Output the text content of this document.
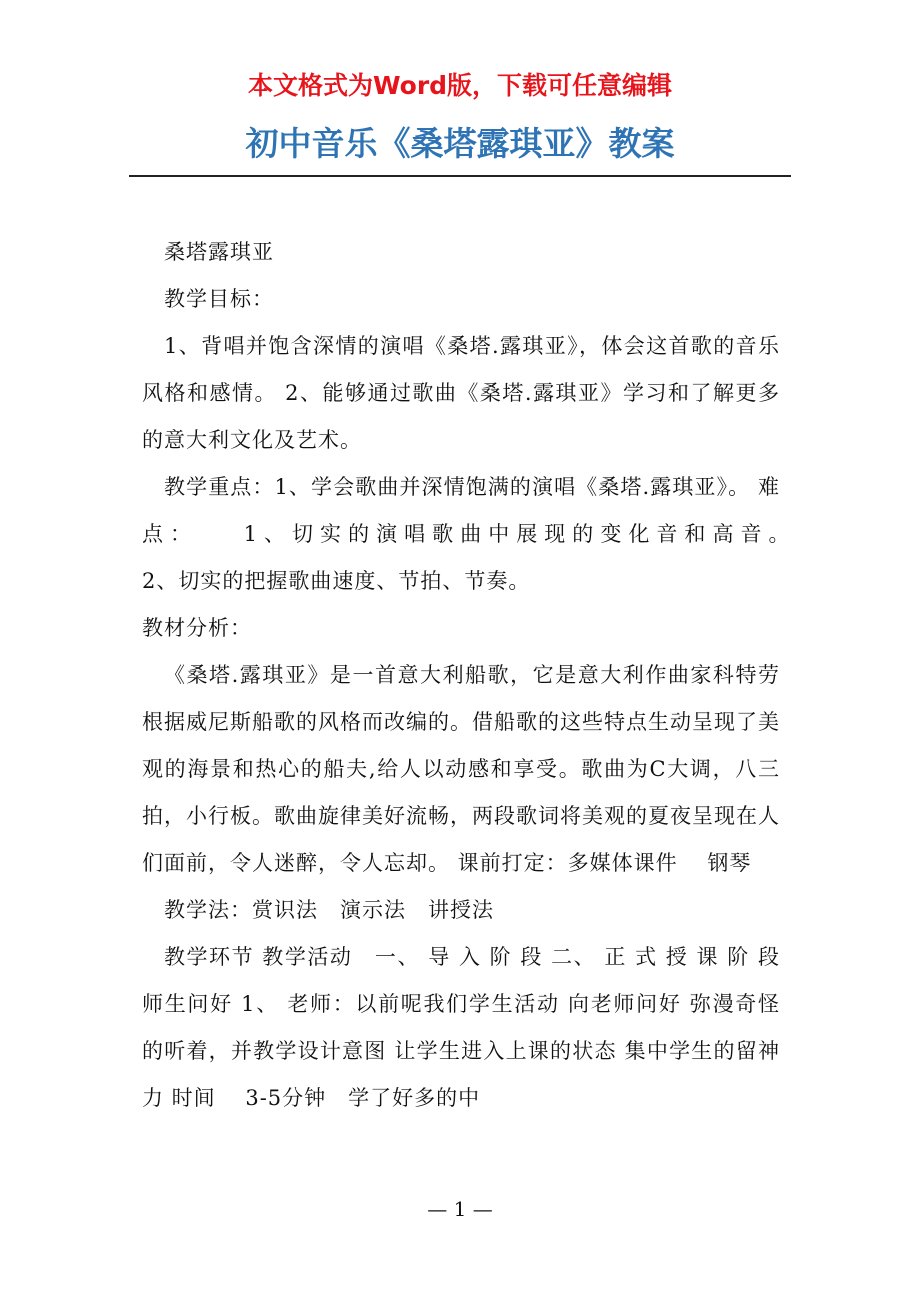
本文格式为Word版，下载可任意编辑
初中音乐《桑塔露琪亚》教案

桑塔露琪亚

教学目标：

1、背唱并饱含深情的演唱《桑塔.露琪亚》，体会这首歌的音乐风格和感情。 2、能够通过歌曲《桑塔.露琪亚》学习和了解更多的意大利文化及艺术。

教学重点：1、学会歌曲并深情饱满的演唱《桑塔.露琪亚》。 难点：　　1、切实的演唱歌曲中展现的变化音和高音。　　　　　　2、切实的把握歌曲速度、节拍、节奏。

教材分析：

《桑塔.露琪亚》是一首意大利船歌，它是意大利作曲家科特劳根据威尼斯船歌的风格而改编的。借船歌的这些特点生动呈现了美观的海景和热心的船夫,给人以动感和享受。歌曲为C大调，八三拍，小行板。歌曲旋律美好流畅，两段歌词将美观的夏夜呈现在人们面前，令人迷醉，令人忘却。 课前打定：多媒体课件　 钢琴

教学法：赏识法　演示法　讲授法

教学环节 教学活动　一、 导 入 阶 段 二、 正 式 授 课 阶 段　师生问好 1、 老师：以前呢我们学生活动 向老师问好 弥漫奇怪的听着，并教学设计意图 让学生进入上课的状态 集中学生的留神力 时间　 3-5分钟　学了好多的中

— 1 —
